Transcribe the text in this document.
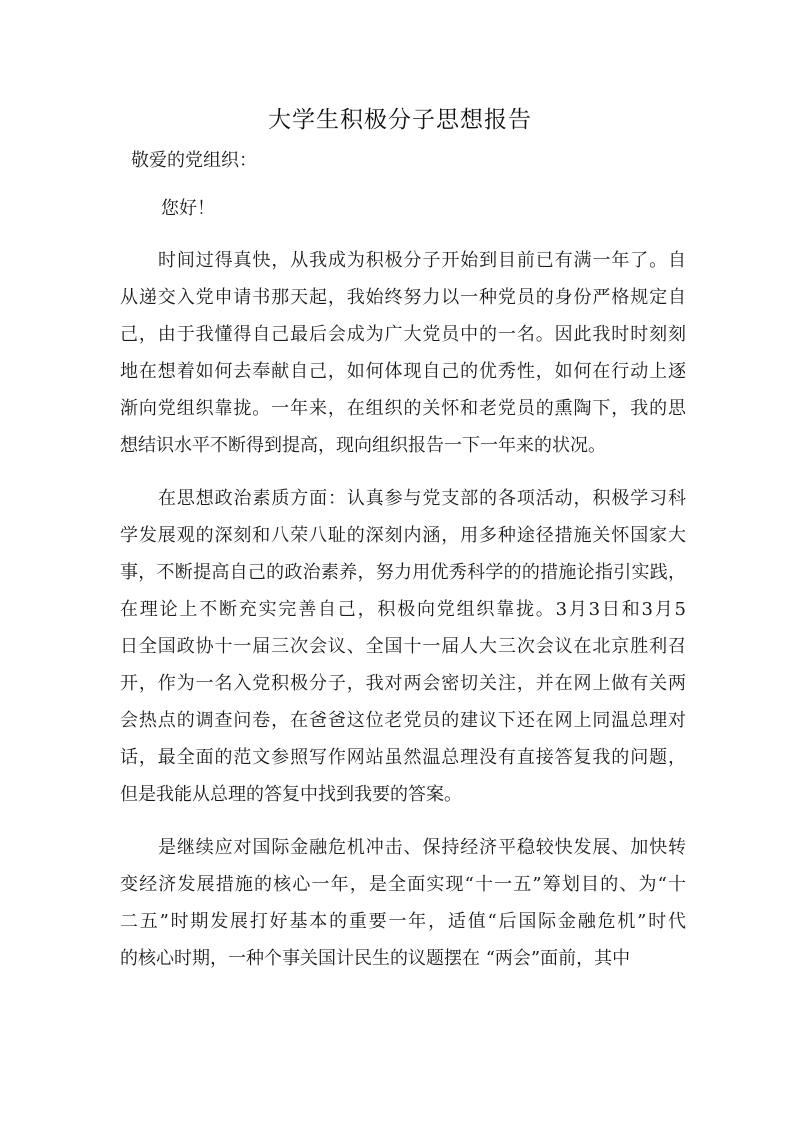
大学生积极分子思想报告

敬爱的党组织：

您好！

时间过得真快，从我成为积极分子开始到目前已有满一年了。自
从递交入党申请书那天起，我始终努力以一种党员的身份严格规定自
己，由于我懂得自己最后会成为广大党员中的一名。因此我时时刻刻
地在想着如何去奉献自己，如何体现自己的优秀性，如何在行动上逐
渐向党组织靠拢。一年来，在组织的关怀和老党员的熏陶下，我的思
想结识水平不断得到提高，现向组织报告一下一年来的状况。

在思想政治素质方面：认真参与党支部的各项活动，积极学习科
学发展观的深刻和八荣八耻的深刻内涵，用多种途径措施关怀国家大
事，不断提高自己的政治素养，努力用优秀科学的的措施论指引实践，
在理论上不断充实完善自己，积极向党组织靠拢。3月3日和3月5
日全国政协十一届三次会议、全国十一届人大三次会议在北京胜利召
开，作为一名入党积极分子，我对两会密切关注，并在网上做有关两
会热点的调查问卷，在爸爸这位老党员的建议下还在网上同温总理对
话，最全面的范文参照写作网站虽然温总理没有直接答复我的问题，
但是我能从总理的答复中找到我要的答案。

是继续应对国际金融危机冲击、保持经济平稳较快发展、加快转
变经济发展措施的核心一年，是全面实现“十一五”筹划目的、为“十
二五”时期发展打好基本的重要一年，适值“后国际金融危机”时代
的核心时期，一种个事关国计民生的议题摆在 “两会”面前，其中
